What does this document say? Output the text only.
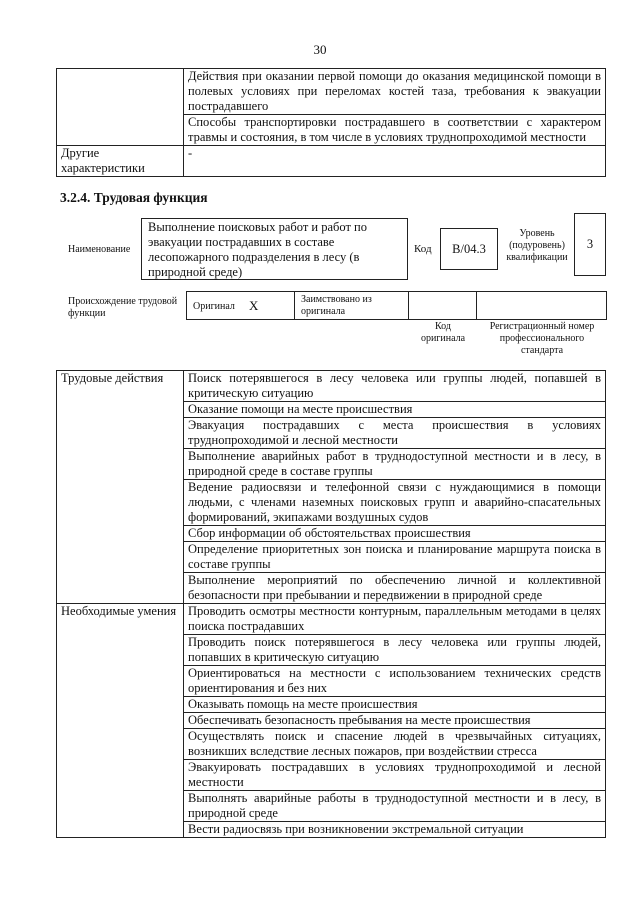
30
	Действия при оказании первой помощи до оказания медицинской помощи в полевых условиях при переломах костей таза, требования к эвакуации пострадавшего
	Способы транспортировки пострадавшего в соответствии с характером травмы и состояния, в том числе в условиях труднопроходимой местности
Другие характеристики	-
3.2.4. Трудовая функция
Наименование
Выполнение поисковых работ и работ по эвакуации пострадавших в составе лесопожарного подразделения в лесу (в природной среде)
Код	B/04.3
Уровень (подуровень) квалификации
3
Происхождение трудовой функции
Оригинал X	Заимствовано из оригинала
Код оригинала
Регистрационный номер профессионального стандарта
Трудовые действия	Поиск потерявшегося в лесу человека или группы людей, попавшей в критическую ситуацию
	Оказание помощи на месте происшествия
	Эвакуация пострадавших с места происшествия в условиях труднопроходимой и лесной местности
	Выполнение аварийных работ в труднодоступной местности и в лесу, в природной среде в составе группы
	Ведение радиосвязи и телефонной связи с нуждающимися в помощи людьми, с членами наземных поисковых групп и аварийно-спасательных формирований, экипажами воздушных судов
	Сбор информации об обстоятельствах происшествия
	Определение приоритетных зон поиска и планирование маршрута поиска в составе группы
	Выполнение мероприятий по обеспечению личной и коллективной безопасности при пребывании и передвижении в природной среде
Необходимые умения	Проводить осмотры местности контурным, параллельным методами в целях поиска пострадавших
	Проводить поиск потерявшегося в лесу человека или группы людей, попавших в критическую ситуацию
	Ориентироваться на местности с использованием технических средств ориентирования и без них
	Оказывать помощь на месте происшествия
	Обеспечивать безопасность пребывания на месте происшествия
	Осуществлять поиск и спасение людей в чрезвычайных ситуациях, возникших вследствие лесных пожаров, при воздействии стресса
	Эвакуировать пострадавших в условиях труднопроходимой и лесной местности
	Выполнять аварийные работы в труднодоступной местности и в лесу, в природной среде
	Вести радиосвязь при возникновении экстремальной ситуации
